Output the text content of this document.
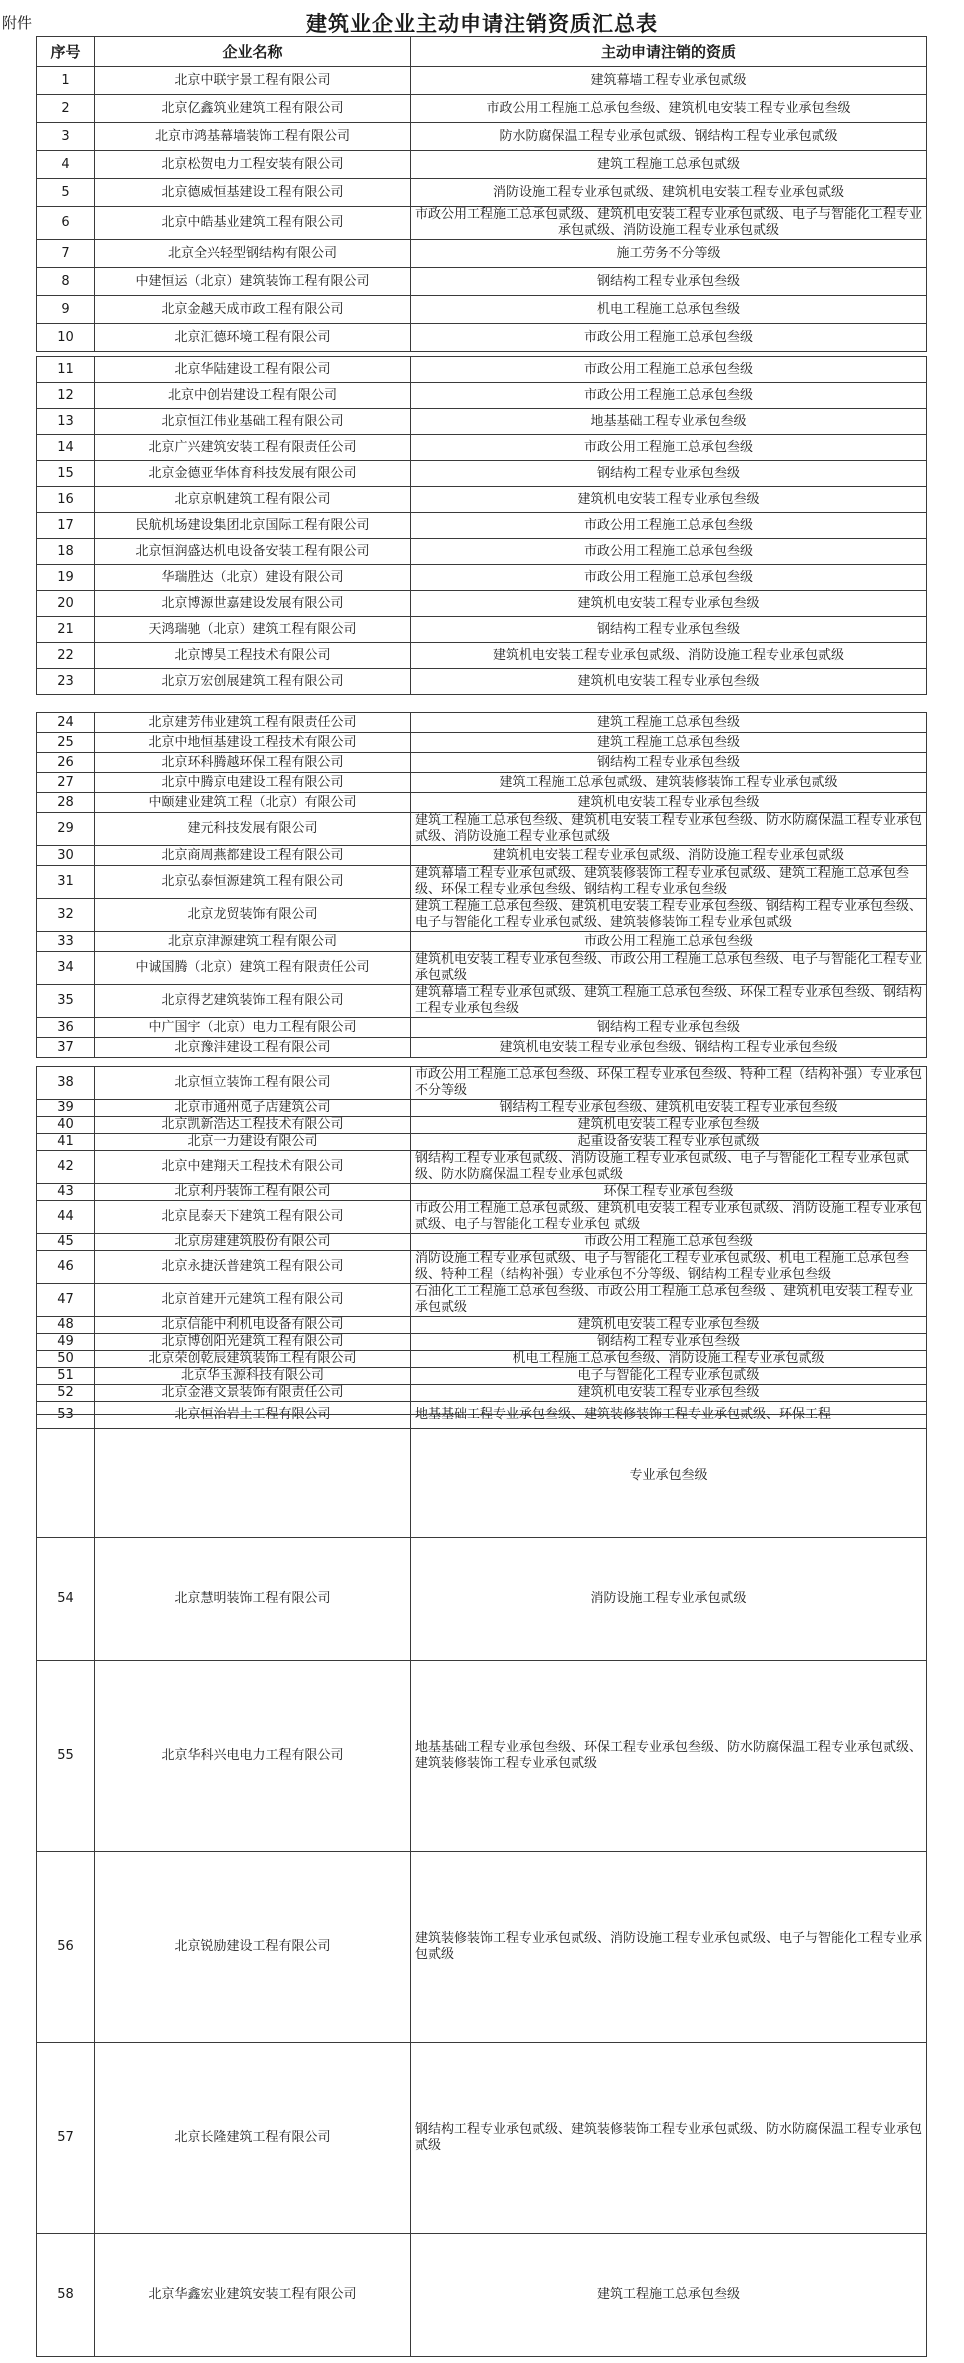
附件	建筑业企业主动申请注销资质汇总表
序号	企业名称	主动申请注销的资质
1	北京中联宇景工程有限公司	建筑幕墙工程专业承包贰级
2	北京亿鑫筑业建筑工程有限公司	市政公用工程施工总承包叁级、建筑机电安装工程专业承包叁级
3	北京市鸿基幕墙装饰工程有限公司	防水防腐保温工程专业承包贰级、钢结构工程专业承包贰级
4	北京松贺电力工程安装有限公司	建筑工程施工总承包贰级
5	北京德威恒基建设工程有限公司	消防设施工程专业承包贰级、建筑机电安装工程专业承包贰级
6	北京中皓基业建筑工程有限公司	市政公用工程施工总承包贰级、建筑机电安装工程专业承包贰级、电子与智能化工程专业承包贰级、消防设施工程专业承包贰级
7	北京全兴轻型钢结构有限公司	施工劳务不分等级
8	中建恒运（北京）建筑装饰工程有限公司	钢结构工程专业承包叁级
9	北京金越天成市政工程有限公司	机电工程施工总承包叁级
10	北京汇德环境工程有限公司	市政公用工程施工总承包叁级
11	北京华陆建设工程有限公司	市政公用工程施工总承包叁级
12	北京中创岩建设工程有限公司	市政公用工程施工总承包叁级
13	北京恒江伟业基础工程有限公司	地基基础工程专业承包叁级
14	北京广兴建筑安装工程有限责任公司	市政公用工程施工总承包叁级
15	北京金德亚华体育科技发展有限公司	钢结构工程专业承包叁级
16	北京京帆建筑工程有限公司	建筑机电安装工程专业承包叁级
17	民航机场建设集团北京国际工程有限公司	市政公用工程施工总承包叁级
18	北京恒润盛达机电设备安装工程有限公司	市政公用工程施工总承包叁级
19	华瑞胜达（北京）建设有限公司	市政公用工程施工总承包叁级
20	北京博源世嘉建设发展有限公司	建筑机电安装工程专业承包叁级
21	天鸿瑞驰（北京）建筑工程有限公司	钢结构工程专业承包叁级
22	北京博昊工程技术有限公司	建筑机电安装工程专业承包贰级、消防设施工程专业承包贰级
23	北京万宏创展建筑工程有限公司	建筑机电安装工程专业承包叁级
24	北京建芳伟业建筑工程有限责任公司	建筑工程施工总承包叁级
25	北京中地恒基建设工程技术有限公司	建筑工程施工总承包叁级
26	北京环科腾越环保工程有限公司	钢结构工程专业承包叁级
27	北京中腾京电建设工程有限公司	建筑工程施工总承包贰级、建筑装修装饰工程专业承包贰级
28	中颐建业建筑工程（北京）有限公司	建筑机电安装工程专业承包叁级
29	建元科技发展有限公司	建筑工程施工总承包叁级、建筑机电安装工程专业承包叁级、防水防腐保温工程专业承包贰级、消防设施工程专业承包贰级
30	北京商周燕都建设工程有限公司	建筑机电安装工程专业承包贰级、消防设施工程专业承包贰级
31	北京弘泰恒源建筑工程有限公司	建筑幕墙工程专业承包贰级、建筑装修装饰工程专业承包贰级、建筑工程施工总承包叁级、环保工程专业承包叁级、钢结构工程专业承包叁级
32	北京龙贸装饰有限公司	建筑工程施工总承包叁级、建筑机电安装工程专业承包叁级、钢结构工程专业承包叁级、电子与智能化工程专业承包贰级、建筑装修装饰工程专业承包贰级
33	北京京津源建筑工程有限公司	市政公用工程施工总承包叁级
34	中诚国腾（北京）建筑工程有限责任公司	建筑机电安装工程专业承包叁级、市政公用工程施工总承包叁级、电子与智能化工程专业承包贰级
35	北京得艺建筑装饰工程有限公司	建筑幕墙工程专业承包贰级、建筑工程施工总承包叁级、环保工程专业承包叁级、钢结构工程专业承包叁级
36	中广国宇（北京）电力工程有限公司	钢结构工程专业承包叁级
37	北京豫沣建设工程有限公司	建筑机电安装工程专业承包叁级、钢结构工程专业承包叁级
38	北京恒立装饰工程有限公司	市政公用工程施工总承包叁级、环保工程专业承包叁级、特种工程（结构补强）专业承包不分等级
39	北京市通州觅子店建筑公司	钢结构工程专业承包叁级、建筑机电安装工程专业承包叁级
40	北京凯新浩达工程技术有限公司	建筑机电安装工程专业承包叁级
41	北京一力建设有限公司	起重设备安装工程专业承包贰级
42	北京中建翔天工程技术有限公司	钢结构工程专业承包贰级、消防设施工程专业承包贰级、电子与智能化工程专业承包贰级、防水防腐保温工程专业承包贰级
43	北京利丹装饰工程有限公司	环保工程专业承包叁级
44	北京昆泰天下建筑工程有限公司	市政公用工程施工总承包贰级、建筑机电安装工程专业承包贰级、消防设施工程专业承包贰级、电子与智能化工程专业承包 贰级
45	北京房建建筑股份有限公司	市政公用工程施工总承包叁级
46	北京永捷沃普建筑工程有限公司	消防设施工程专业承包贰级、电子与智能化工程专业承包贰级、机电工程施工总承包叁级、特种工程（结构补强）专业承包不分等级、钢结构工程专业承包叁级
47	北京首建开元建筑工程有限公司	石油化工工程施工总承包叁级、市政公用工程施工总承包叁级 、建筑机电安装工程专业承包贰级
48	北京信能中利机电设备有限公司	建筑机电安装工程专业承包叁级
49	北京博创阳光建筑工程有限公司	钢结构工程专业承包叁级
50	北京荣创乾辰建筑装饰工程有限公司	机电工程施工总承包叁级、消防设施工程专业承包贰级
51	北京华玉源科技有限公司	电子与智能化工程专业承包贰级
52	北京金港文景装饰有限责任公司	建筑机电安装工程专业承包叁级
53	北京恒治岩土工程有限公司	地基基础工程专业承包叁级、建筑装修装饰工程专业承包贰级、环保工程
		专业承包叁级
54	北京慧明装饰工程有限公司	消防设施工程专业承包贰级
55	北京华科兴电电力工程有限公司	地基基础工程专业承包叁级、环保工程专业承包叁级、防水防腐保温工程专业承包贰级、建筑装修装饰工程专业承包贰级
56	北京锐励建设工程有限公司	建筑装修装饰工程专业承包贰级、消防设施工程专业承包贰级、电子与智能化工程专业承包贰级
57	北京长隆建筑工程有限公司	钢结构工程专业承包贰级、建筑装修装饰工程专业承包贰级、防水防腐保温工程专业承包贰级
58	北京华鑫宏业建筑安装工程有限公司	建筑工程施工总承包叁级
